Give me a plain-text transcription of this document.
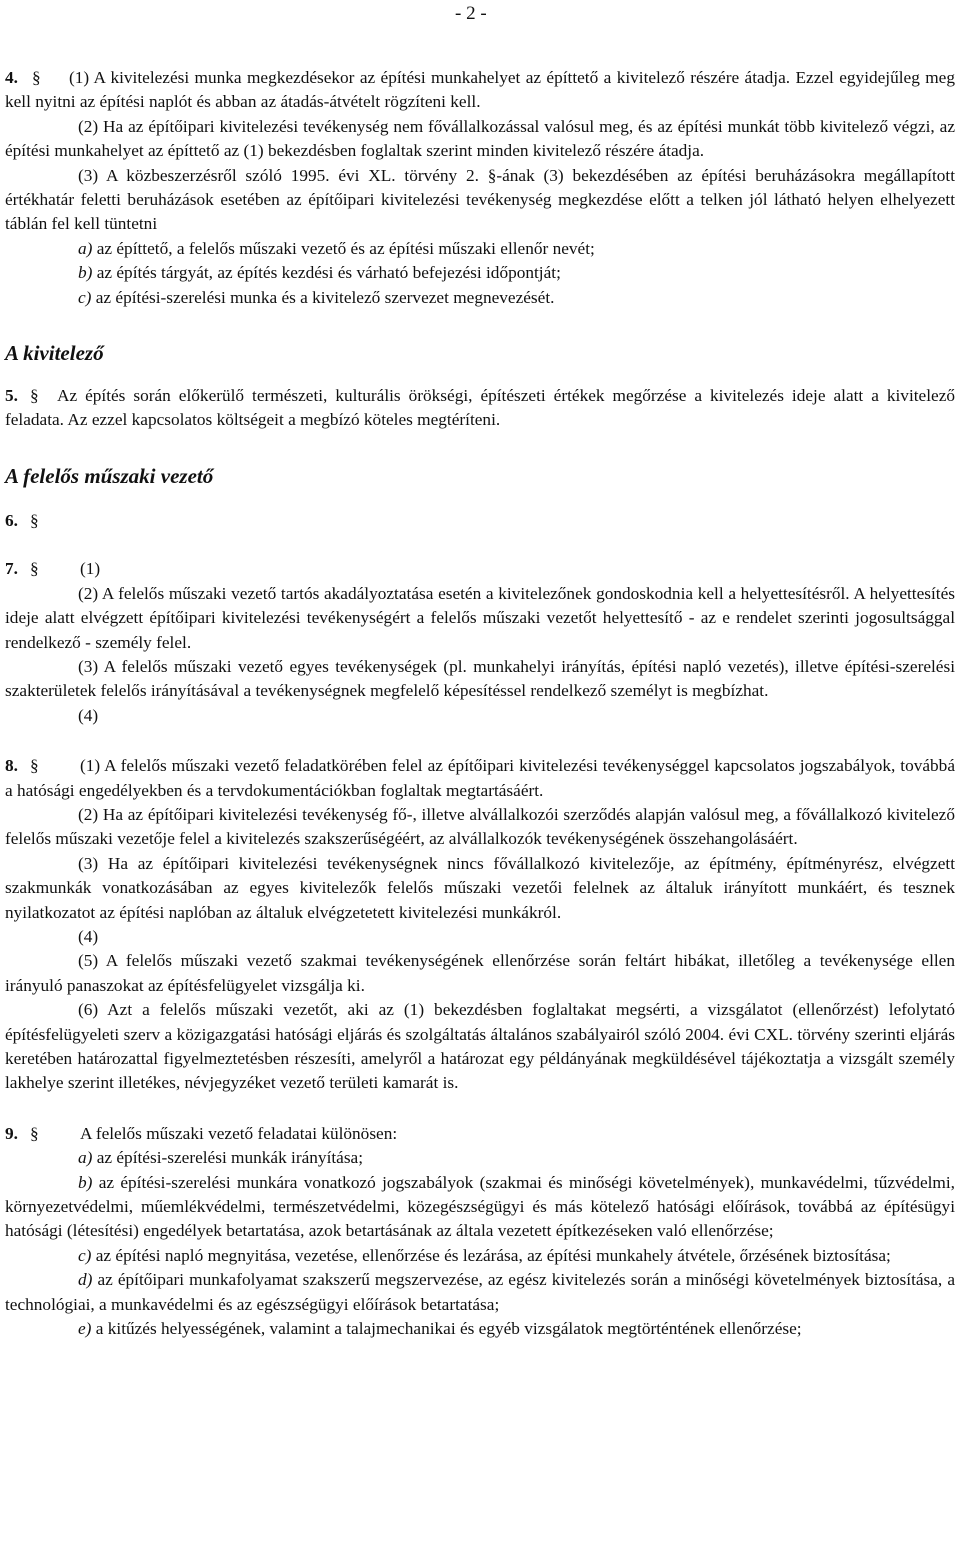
- 2 -

4. § (1) A kivitelezési munka megkezdésekor az építési munkahelyet az építtető a kivitelező részére átadja. Ezzel egyidejűleg meg kell nyitni az építési naplót és abban az átadás-átvételt rögzíteni kell.

(2) Ha az építőipari kivitelezési tevékenység nem fővállalkozással valósul meg, és az építési munkát több kivitelező végzi, az építési munkahelyet az építtető az (1) bekezdésben foglaltak szerint minden kivitelező részére átadja.

(3) A közbeszerzésről szóló 1995. évi XL. törvény 2. §-ának (3) bekezdésében az építési beruházásokra megállapított értékhatár feletti beruházások esetében az építőipari kivitelezési tevékenység megkezdése előtt a telken jól látható helyen elhelyezett táblán fel kell tüntetni

a) az építtető, a felelős műszaki vezető és az építési műszaki ellenőr nevét;

b) az építés tárgyát, az építés kezdési és várható befejezési időpontját;

c) az építési-szerelési munka és a kivitelező szervezet megnevezését.

A kivitelező

5. § Az építés során előkerülő természeti, kulturális örökségi, építészeti értékek megőrzése a kivitelezés ideje alatt a kivitelező feladata. Az ezzel kapcsolatos költségeit a megbízó köteles megtéríteni.

A felelős műszaki vezető

6. §

7. § (1)

(2) A felelős műszaki vezető tartós akadályoztatása esetén a kivitelezőnek gondoskodnia kell a helyettesítésről. A helyettesítés ideje alatt elvégzett építőipari kivitelezési tevékenységért a felelős műszaki vezetőt helyettesítő - az e rendelet szerinti jogosultsággal rendelkező - személy felel.

(3) A felelős műszaki vezető egyes tevékenységek (pl. munkahelyi irányítás, építési napló vezetés), illetve építési-szerelési szakterületek felelős irányításával a tevékenységnek megfelelő képesítéssel rendelkező személyt is megbízhat.

(4)

8. § (1) A felelős műszaki vezető feladatkörében felel az építőipari kivitelezési tevékenységgel kapcsolatos jogszabályok, továbbá a hatósági engedélyekben és a tervdokumentációkban foglaltak megtartásáért.

(2) Ha az építőipari kivitelezési tevékenység fő-, illetve alvállalkozói szerződés alapján valósul meg, a fővállalkozó kivitelező felelős műszaki vezetője felel a kivitelezés szakszerűségéért, az alvállalkozók tevékenységének összehangolásáért.

(3) Ha az építőipari kivitelezési tevékenységnek nincs fővállalkozó kivitelezője, az építmény, építményrész, elvégzett szakmunkák vonatkozásában az egyes kivitelezők felelős műszaki vezetői felelnek az általuk irányított munkáért, és tesznek nyilatkozatot az építési naplóban az általuk elvégzetetett kivitelezési munkákról.

(4)

(5) A felelős műszaki vezető szakmai tevékenységének ellenőrzése során feltárt hibákat, illetőleg a tevékenysége ellen irányuló panaszokat az építésfelügyelet vizsgálja ki.

(6) Azt a felelős műszaki vezetőt, aki az (1) bekezdésben foglaltakat megsérti, a vizsgálatot (ellenőrzést) lefolytató építésfelügyeleti szerv a közigazgatási hatósági eljárás és szolgáltatás általános szabályairól szóló 2004. évi CXL. törvény szerinti eljárás keretében határozattal figyelmeztetésben részesíti, amelyről a határozat egy példányának megküldésével tájékoztatja a vizsgált személy lakhelye szerint illetékes, névjegyzéket vezető területi kamarát is.

9. § A felelős műszaki vezető feladatai különösen:

a) az építési-szerelési munkák irányítása;

b) az építési-szerelési munkára vonatkozó jogszabályok (szakmai és minőségi követelmények), munkavédelmi, tűzvédelmi, környezetvédelmi, műemlékvédelmi, természetvédelmi, közegészségügyi és más kötelező hatósági előírások, továbbá az építésügyi hatósági (létesítési) engedélyek betartatása, azok betartásának az általa vezetett építkezéseken való ellenőrzése;

c) az építési napló megnyitása, vezetése, ellenőrzése és lezárása, az építési munkahely átvétele, őrzésének biztosítása;

d) az építőipari munkafolyamat szakszerű megszervezése, az egész kivitelezés során a minőségi követelmények biztosítása, a technológiai, a munkavédelmi és az egészségügyi előírások betartatása;

e) a kitűzés helyességének, valamint a talajmechanikai és egyéb vizsgálatok megtörténtének ellenőrzése;
